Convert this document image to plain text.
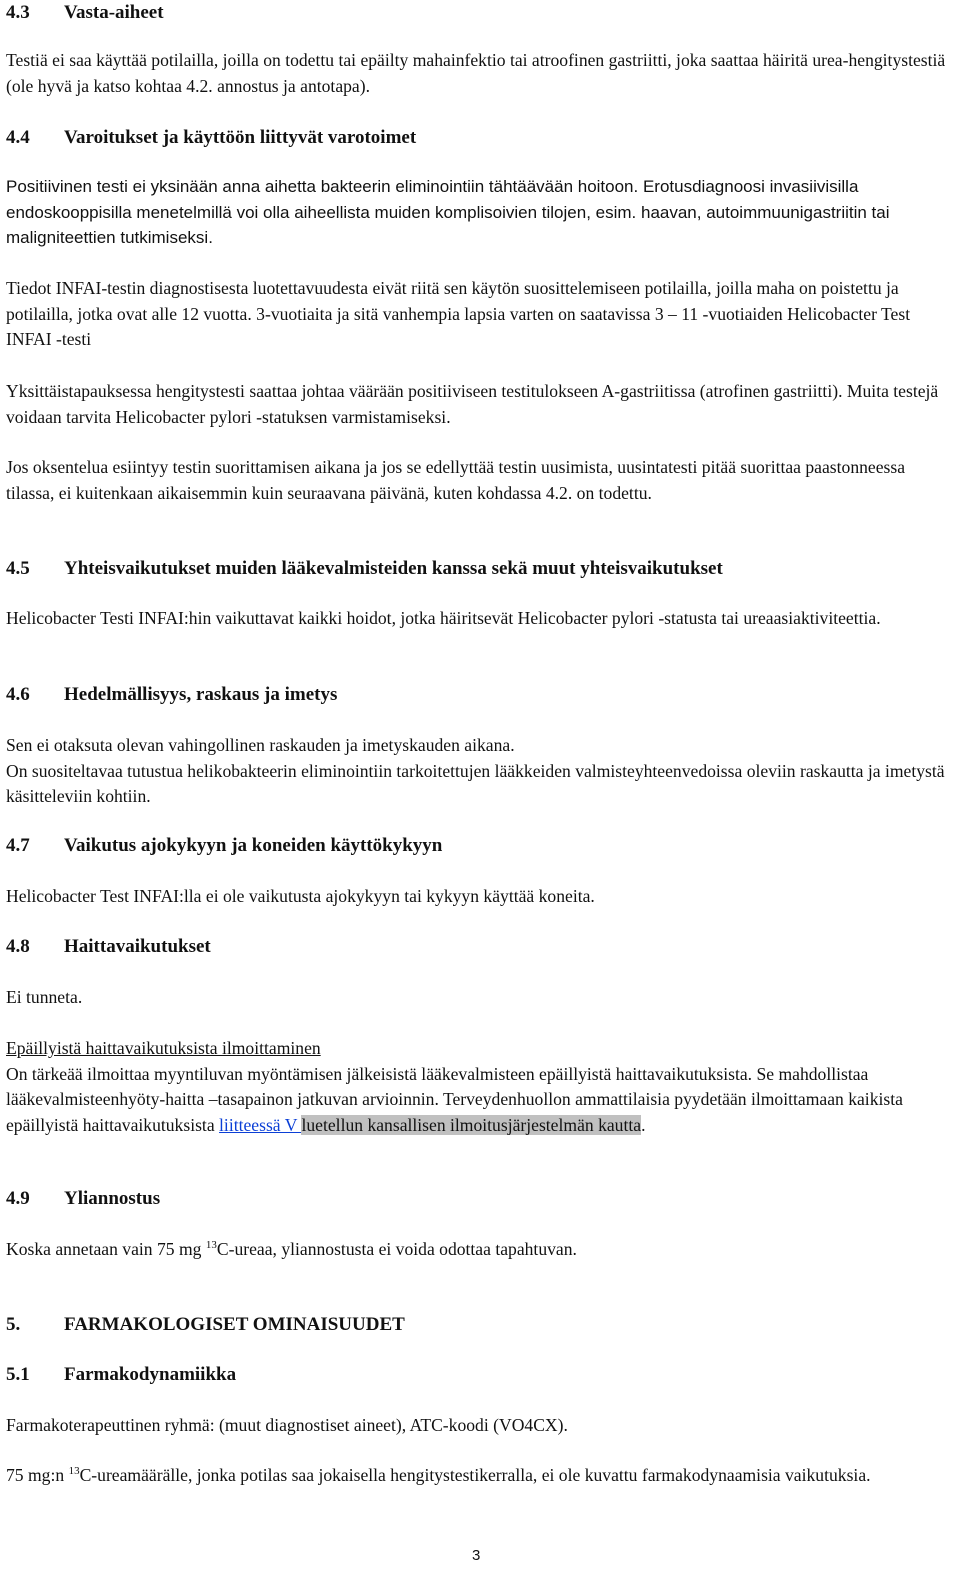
4.3 Vasta-aiheet

Testiä ei saa käyttää potilailla, joilla on todettu tai epäilty mahainfektio tai atroofinen gastriitti, joka saattaa häiritä urea-hengitystestiä (ole hyvä ja katso kohtaa 4.2. annostus ja antotapa).

4.4 Varoitukset ja käyttöön liittyvät varotoimet

Positiivinen testi ei yksinään anna aihetta bakteerin eliminointiin tähtäävään hoitoon. Erotusdiagnoosi invasiivisilla endoskooppisilla menetelmillä voi olla aiheellista muiden komplisoivien tilojen, esim. haavan, autoimmuunigastriitin tai maligniteettien tutkimiseksi.

Tiedot INFAI-testin diagnostisesta luotettavuudesta eivät riitä sen käytön suosittelemiseen potilailla, joilla maha on poistettu ja potilailla, jotka ovat alle 12 vuotta. 3-vuotiaita ja sitä vanhempia lapsia varten on saatavissa 3 – 11 -vuotiaiden Helicobacter Test INFAI -testi

Yksittäistapauksessa hengitystesti saattaa johtaa väärään positiiviseen testitulokseen A-gastriitissa (atrofinen gastriitti). Muita testejä voidaan tarvita Helicobacter pylori -statuksen varmistamiseksi.

Jos oksentelua esiintyy testin suorittamisen aikana ja jos se edellyttää testin uusimista, uusintatesti pitää suorittaa paastonneessa tilassa, ei kuitenkaan aikaisemmin kuin seuraavana päivänä, kuten kohdassa 4.2. on todettu.

4.5 Yhteisvaikutukset muiden lääkevalmisteiden kanssa sekä muut yhteisvaikutukset

Helicobacter Testi INFAI:hin vaikuttavat kaikki hoidot, jotka häiritsevät Helicobacter pylori -statusta tai ureaasiaktiviteettia.

4.6 Hedelmällisyys, raskaus ja imetys

Sen ei otaksuta olevan vahingollinen raskauden ja imetyskauden aikana.
On suositeltavaa tutustua helikobakteerin eliminointiin tarkoitettujen lääkkeiden valmisteyhteenvedoissa oleviin raskautta ja imetystä käsitteleviin kohtiin.

4.7 Vaikutus ajokykyyn ja koneiden käyttökykyyn

Helicobacter Test INFAI:lla ei ole vaikutusta ajokykyyn tai kykyyn käyttää koneita.

4.8 Haittavaikutukset

Ei tunneta.

Epäillyistä haittavaikutuksista ilmoittaminen
On tärkeää ilmoittaa myyntiluvan myöntämisen jälkeisistä lääkevalmisteen epäillyistä haittavaikutuksista. Se mahdollistaa lääkevalmisteenhyöty-haitta –tasapainon jatkuvan arvioinnin. Terveydenhuollon ammattilaisia pyydetään ilmoittamaan kaikista epäillyistä haittavaikutuksista liitteessä V luetellun kansallisen ilmoitusjärjestelmän kautta.

4.9 Yliannostus

Koska annetaan vain 75 mg $^{13}$C-ureaa, yliannostusta ei voida odottaa tapahtuvan.

5. FARMAKOLOGISET OMINAISUUDET
5.1 Farmakodynamiikka

Farmakoterapeuttinen ryhmä: (muut diagnostiset aineet), ATC-koodi (VO4CX).

75 mg:n $^{13}$C-ureamäärälle, jonka potilas saa jokaisella hengitystestikerralla, ei ole kuvattu farmakodynaamisia vaikutuksia.

3
